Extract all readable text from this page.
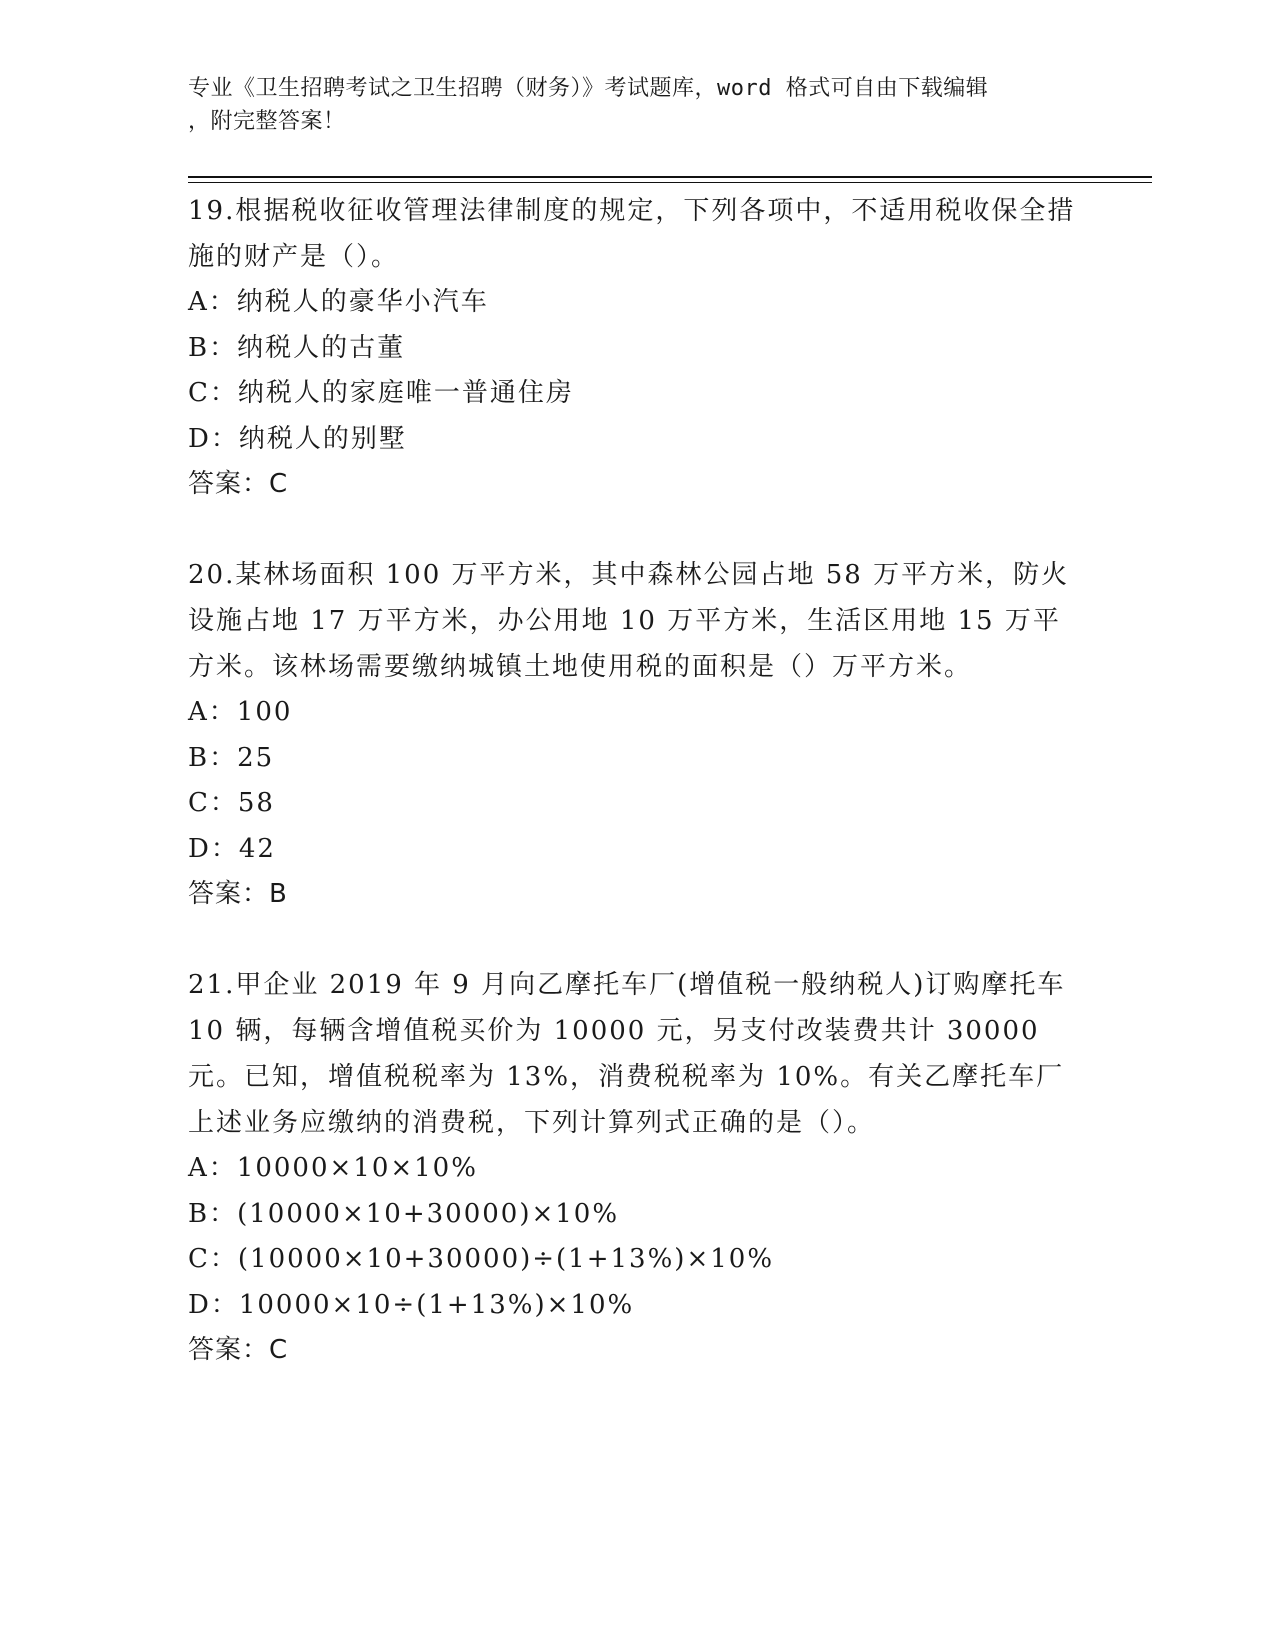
专业《卫生招聘考试之卫生招聘（财务）》考试题库，word 格式可自由下载编辑
，附完整答案！

19.根据税收征收管理法律制度的规定，下列各项中，不适用税收保全措施的财产是（）。

A：纳税人的豪华小汽车

B：纳税人的古董

C：纳税人的家庭唯一普通住房

D：纳税人的别墅

答案：C

20.某林场面积 100 万平方米，其中森林公园占地 58 万平方米，防火设施占地 17 万平方米，办公用地 10 万平方米，生活区用地 15 万平方米。该林场需要缴纳城镇土地使用税的面积是（）万平方米。

A：100

B：25

C：58

D：42

答案：B

21.甲企业 2019 年 9 月向乙摩托车厂(增值税一般纳税人)订购摩托车 10 辆，每辆含增值税买价为 10000 元，另支付改装费共计 30000 元。已知，增值税税率为 13%，消费税税率为 10%。有关乙摩托车厂上述业务应缴纳的消费税，下列计算列式正确的是（）。

A：10000×10×10%

B：(10000×10+30000)×10%

C：(10000×10+30000)÷(1+13%)×10%

D：10000×10÷(1+13%)×10%

答案：C
